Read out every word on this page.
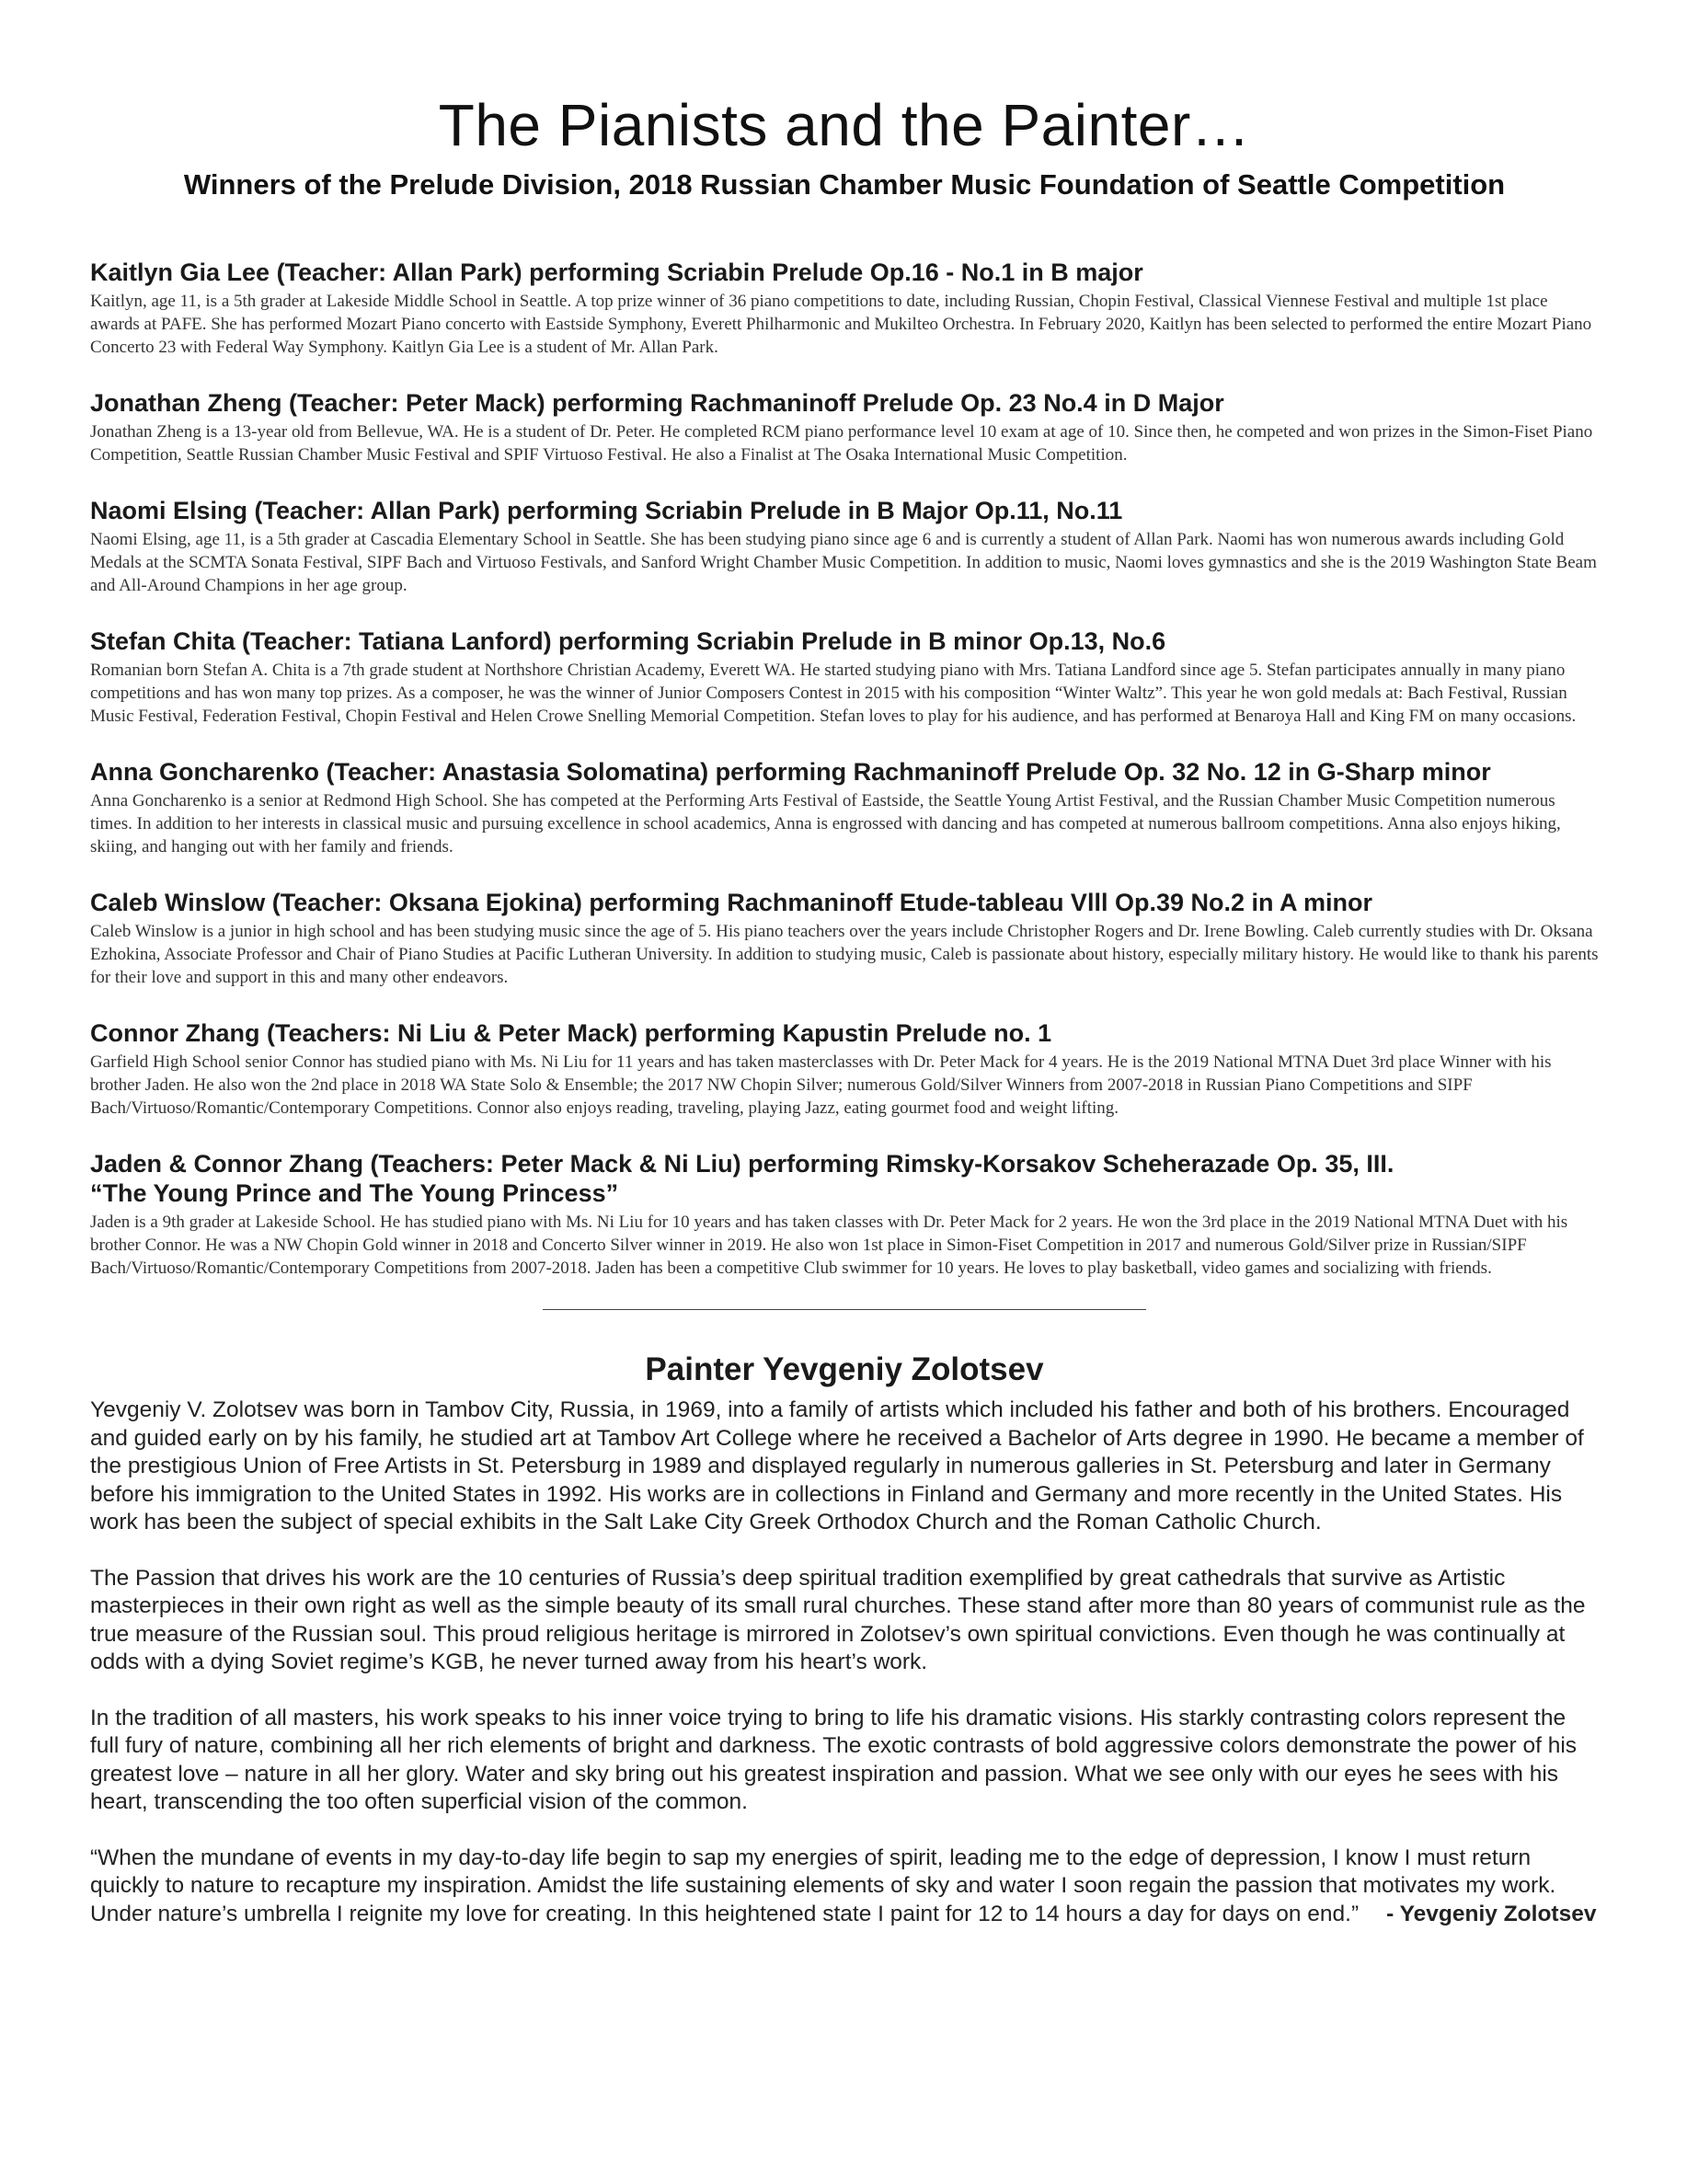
The Pianists and the Painter…
Winners of the Prelude Division, 2018 Russian Chamber Music Foundation of Seattle Competition
Kaitlyn Gia Lee (Teacher: Allan Park) performing Scriabin Prelude Op.16 - No.1 in B major

Kaitlyn, age 11, is a 5th grader at Lakeside Middle School in Seattle. A top prize winner of 36 piano competitions to date, including Russian, Chopin Festival, Classical Viennese Festival and multiple 1st place awards at PAFE. She has performed Mozart Piano concerto with Eastside Symphony, Everett Philharmonic and Mukilteo Orchestra. In February 2020, Kaitlyn has been selected to performed the entire Mozart Piano Concerto 23 with Federal Way Symphony. Kaitlyn Gia Lee is a student of Mr. Allan Park.

Jonathan Zheng (Teacher: Peter Mack) performing Rachmaninoff Prelude Op. 23 No.4 in D Major

Jonathan Zheng is a 13-year old from Bellevue, WA. He is a student of Dr. Peter. He completed RCM piano performance level 10 exam at age of 10. Since then, he competed and won prizes in the Simon-Fiset Piano Competition, Seattle Russian Chamber Music Festival and SPIF Virtuoso Festival. He also a Finalist at The Osaka International Music Competition.

Naomi Elsing (Teacher: Allan Park) performing Scriabin Prelude in B Major Op.11, No.11

Naomi Elsing, age 11, is a 5th grader at Cascadia Elementary School in Seattle. She has been studying piano since age 6 and is currently a student of Allan Park. Naomi has won numerous awards including Gold Medals at the SCMTA Sonata Festival, SIPF Bach and Virtuoso Festivals, and Sanford Wright Chamber Music Competition. In addition to music, Naomi loves gymnastics and she is the 2019 Washington State Beam and All-Around Champions in her age group.

Stefan Chita (Teacher: Tatiana Lanford) performing Scriabin Prelude in B minor Op.13, No.6

Romanian born Stefan A. Chita is a 7th grade student at Northshore Christian Academy, Everett WA. He started studying piano with Mrs. Tatiana Landford since age 5. Stefan participates annually in many piano competitions and has won many top prizes. As a composer, he was the winner of Junior Composers Contest in 2015 with his composition “Winter Waltz”. This year he won gold medals at: Bach Festival, Russian Music Festival, Federation Festival, Chopin Festival and Helen Crowe Snelling Memorial Competition. Stefan loves to play for his audience, and has performed at Benaroya Hall and King FM on many occasions.

Anna Goncharenko (Teacher: Anastasia Solomatina) performing Rachmaninoff Prelude Op. 32 No. 12 in G-Sharp minor

Anna Goncharenko is a senior at Redmond High School. She has competed at the Performing Arts Festival of Eastside, the Seattle Young Artist Festival, and the Russian Chamber Music Competition numerous times. In addition to her interests in classical music and pursuing excellence in school academics, Anna is engrossed with dancing and has competed at numerous ballroom competitions. Anna also enjoys hiking, skiing, and hanging out with her family and friends.

Caleb Winslow (Teacher: Oksana Ejokina) performing Rachmaninoff Etude-tableau Vlll Op.39 No.2 in A minor

Caleb Winslow is a junior in high school and has been studying music since the age of 5. His piano teachers over the years include Christopher Rogers and Dr. Irene Bowling. Caleb currently studies with Dr. Oksana Ezhokina, Associate Professor and Chair of Piano Studies at Pacific Lutheran University. In addition to studying music, Caleb is passionate about history, especially military history. He would like to thank his parents for their love and support in this and many other endeavors.

Connor Zhang (Teachers: Ni Liu & Peter Mack) performing Kapustin Prelude no. 1

Garfield High School senior Connor has studied piano with Ms. Ni Liu for 11 years and has taken masterclasses with Dr. Peter Mack for 4 years. He is the 2019 National MTNA Duet 3rd place Winner with his brother Jaden. He also won the 2nd place in 2018 WA State Solo & Ensemble; the 2017 NW Chopin Silver; numerous Gold/Silver Winners from 2007-2018 in Russian Piano Competitions and SIPF Bach/Virtuoso/Romantic/Contemporary Competitions. Connor also enjoys reading, traveling, playing Jazz, eating gourmet food and weight lifting.

Jaden & Connor Zhang (Teachers: Peter Mack & Ni Liu) performing Rimsky-Korsakov Scheherazade Op. 35, III.
“The Young Prince and The Young Princess”

Jaden is a 9th grader at Lakeside School. He has studied piano with Ms. Ni Liu for 10 years and has taken classes with Dr. Peter Mack for 2 years. He won the 3rd place in the 2019 National MTNA Duet with his brother Connor. He was a NW Chopin Gold winner in 2018 and Concerto Silver winner in 2019. He also won 1st place in Simon-Fiset Competition in 2017 and numerous Gold/Silver prize in Russian/SIPF Bach/Virtuoso/Romantic/Contemporary Competitions from 2007-2018. Jaden has been a competitive Club swimmer for 10 years. He loves to play basketball, video games and socializing with friends.

Painter Yevgeniy Zolotsev

Yevgeniy V. Zolotsev was born in Tambov City, Russia, in 1969, into a family of artists which included his father and both of his brothers. Encouraged and guided early on by his family, he studied art at Tambov Art College where he received a Bachelor of Arts degree in 1990. He became a member of the prestigious Union of Free Artists in St. Petersburg in 1989 and displayed regularly in numerous galleries in St. Petersburg and later in Germany before his immigration to the United States in 1992. His works are in collections in Finland and Germany and more recently in the United States. His work has been the subject of special exhibits in the Salt Lake City Greek Orthodox Church and the Roman Catholic Church.

The Passion that drives his work are the 10 centuries of Russia’s deep spiritual tradition exemplified by great cathedrals that survive as Artistic masterpieces in their own right as well as the simple beauty of its small rural churches. These stand after more than 80 years of communist rule as the true measure of the Russian soul. This proud religious heritage is mirrored in Zolotsev’s own spiritual convictions. Even though he was continually at odds with a dying Soviet regime’s KGB, he never turned away from his heart’s work.

In the tradition of all masters, his work speaks to his inner voice trying to bring to life his dramatic visions. His starkly contrasting colors represent the full fury of nature, combining all her rich elements of bright and darkness. The exotic contrasts of bold aggressive colors demonstrate the power of his greatest love – nature in all her glory. Water and sky bring out his greatest inspiration and passion. What we see only with our eyes he sees with his heart, transcending the too often superficial vision of the common.

“When the mundane of events in my day-to-day life begin to sap my energies of spirit, leading me to the edge of depression, I know I must return quickly to nature to recapture my inspiration. Amidst the life sustaining elements of sky and water I soon regain the passion that motivates my work. Under nature’s umbrella I reignite my love for creating. In this heightened state I paint for 12 to 14 hours a day for days on end.” - Yevgeniy Zolotsev
